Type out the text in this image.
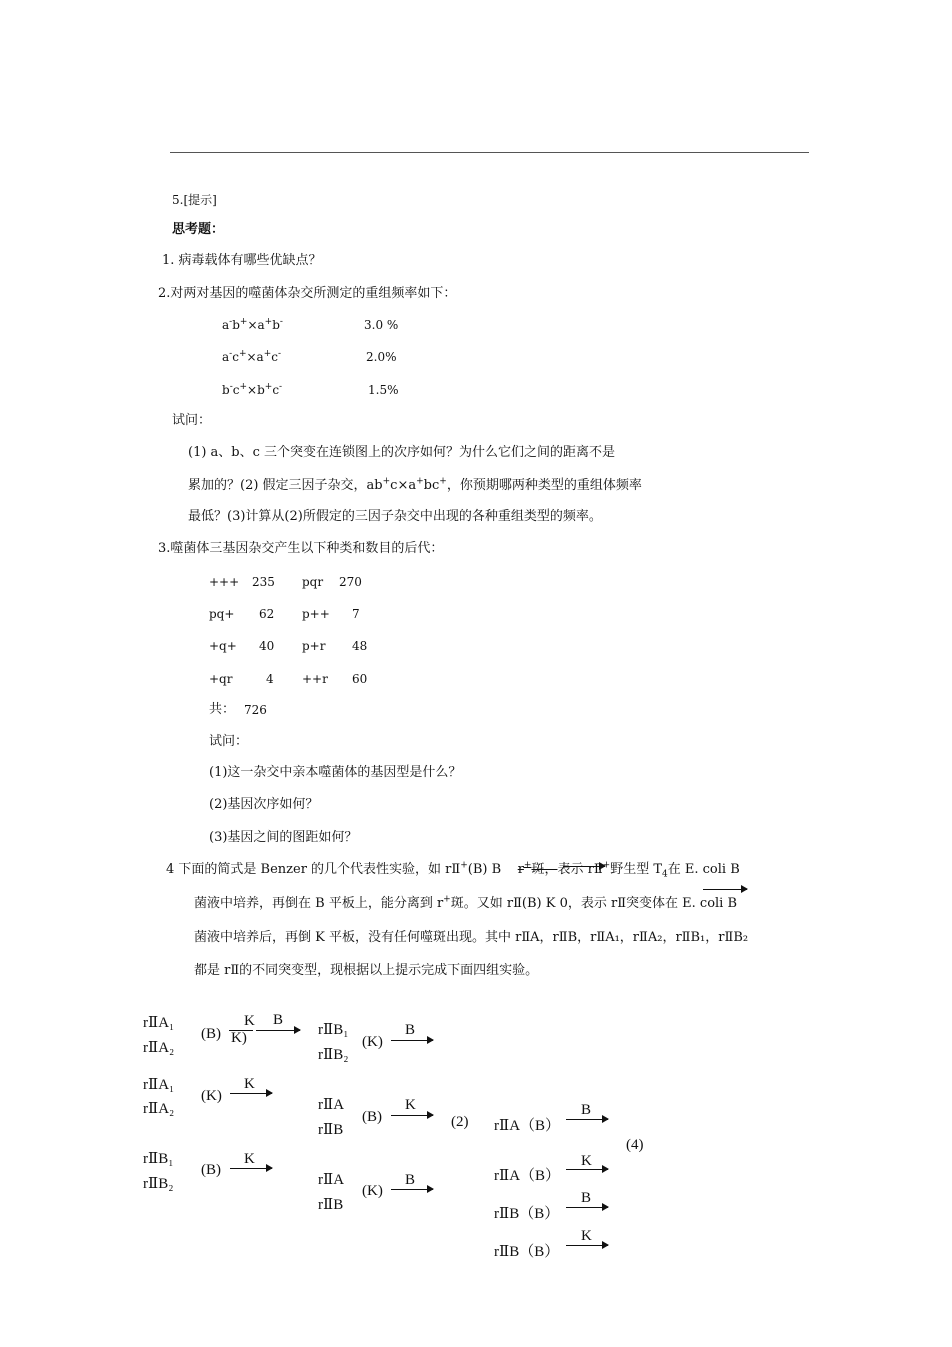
5.[提示]
思考题：
1. 病毒载体有哪些优缺点？
2.对两对基因的噬菌体杂交所测定的重组频率如下：
a-b+×a+b-	3.0 %
a-c+×a+c-	2.0%
b-c+×b+c-	1.5%
试问：
(1) a、b、c 三个突变在连锁图上的次序如何？为什么它们之间的距离不是
累加的？(2) 假定三因子杂交，ab+c×a+bc+，你预期哪两种类型的重组体频率
最低？(3)计算从(2)所假定的三因子杂交中出现的各种重组类型的频率。
3.噬菌体三基因杂交产生以下种类和数目的后代：
+++ 235 pqr 270
pq+ 62 p++ 7
+q+ 40 p+r 48
+qr	4 ++r 60
共： 726
试问：
(1)这一杂交中亲本噬菌体的基因型是什么？
(2)基因次序如何？
(3)基因之间的图距如何？
4 下面的简式是 Benzer 的几个代表性实验，如 rⅡ+(B) B r+斑，表示 rⅡ+野生型 $T_4$在 E. coli B
菌液中培养，再倒在 B 平板上，能分离到 r+斑。又如 rⅡ(B) K 0，表示 rⅡ突变体在 E. coli B
菌液中培养后，再倒 K 平板，没有任何噬斑出现。其中 rⅡA，rⅡB，rⅡA₁，rⅡA₂，rⅡB₁，rⅡB₂
都是 rⅡ的不同突变型，现根据以上提示完成下面四组实验。
rⅡA₁
rⅡA₂
(B)
K
K)
B
rⅡB₁
rⅡB₂
(K)
B
rⅡA₁
rⅡA₂
(K)
K
rⅡA
rⅡB
(B)
K
(2)
rⅡB₁
rⅡB₂
(B)
K
rⅡA
rⅡB
(K)
B
B
rⅡA（B）
(4)
K
rⅡA（B）
B
rⅡB（B）
K
rⅡB（B）
